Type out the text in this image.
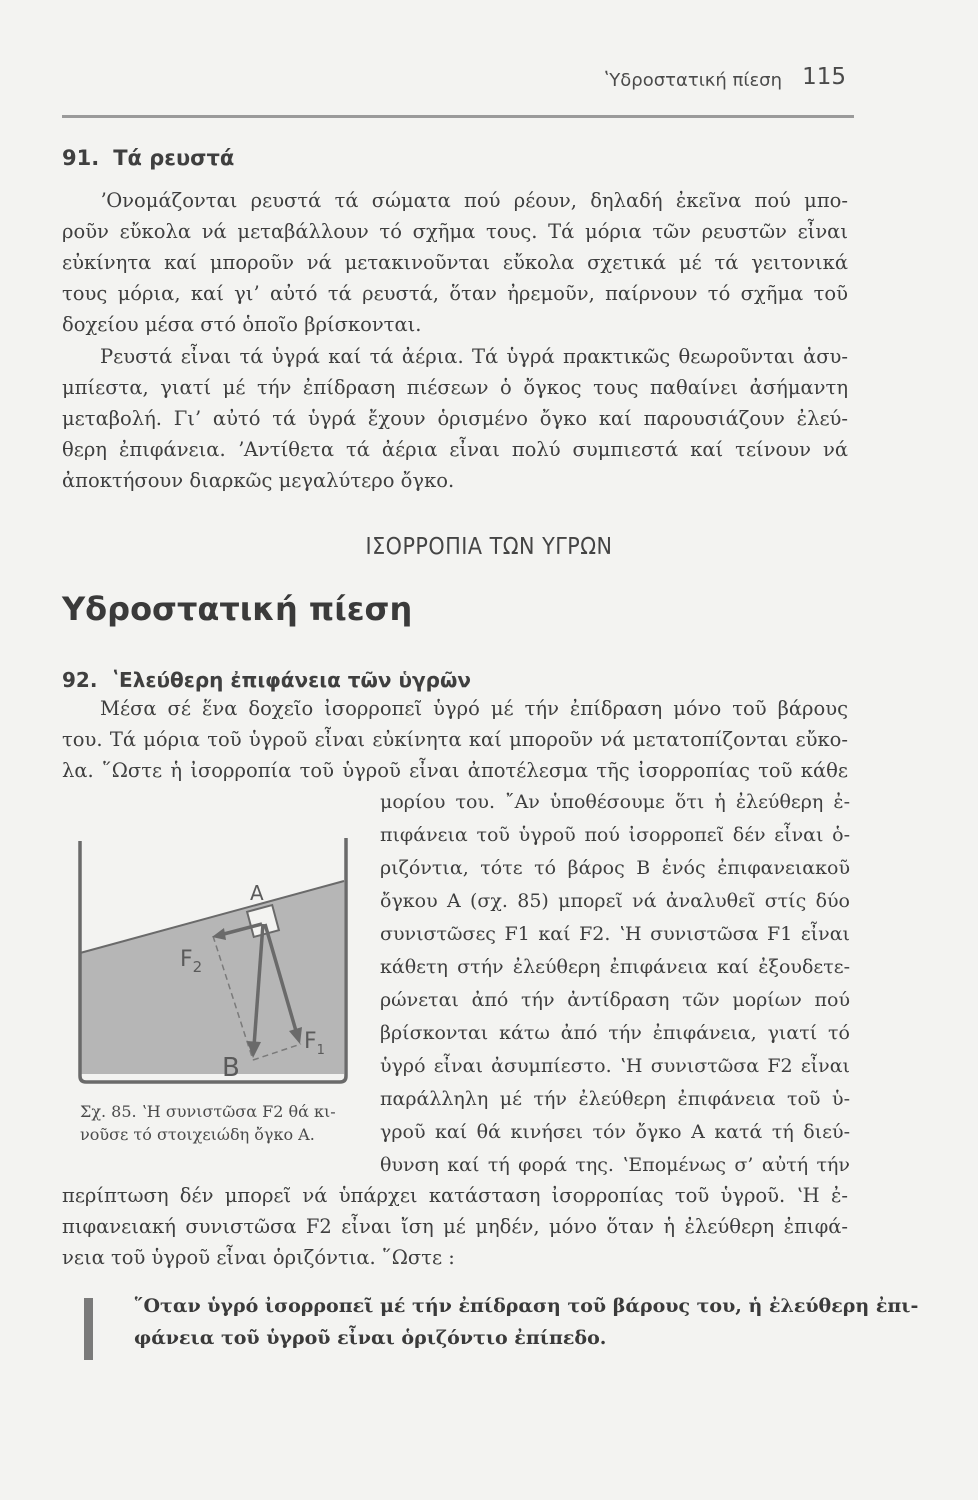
ʽΥδροστατική πίεση 115
91. Τά ρευστά
ʼΟνομάζονται ρευστά τά σώματα πού ρέουν, δηλαδή ἐκεῖνα πού μπο-
ροῦν εὔκολα νά μεταβάλλουν τό σχῆμα τους. Τά μόρια τῶν ρευστῶν εἶναι
εὐκίνητα καί μποροῦν νά μετακινοῦνται εὔκολα σχετικά μέ τά γειτονικά
τους μόρια, καί γι’ αὐτό τά ρευστά, ὅταν ἠρεμοῦν, παίρνουν τό σχῆμα τοῦ
δοχείου μέσα στό ὁποῖο βρίσκονται.
Ρευστά εἶναι τά ὑγρά καί τά ἀέρια. Τά ὑγρά πρακτικῶς θεωροῦνται ἀσυ-
μπίεστα, γιατί μέ τήν ἐπίδραση πιέσεων ὁ ὄγκος τους παθαίνει ἀσήμαντη
μεταβολή. Γι’ αὐτό τά ὑγρά ἔχουν ὁρισμένο ὄγκο καί παρουσιάζουν ἐλεύ-
θερη ἐπιφάνεια. ʼΑντίθετα τά ἀέρια εἶναι πολύ συμπιεστά καί τείνουν νά
ἀποκτήσουν διαρκῶς μεγαλύτερο ὄγκο.
ΙΣΟΡΡΟΠΙΑ ΤΩΝ ΥΓΡΩΝ
Υδροστατική πίεση
92. ʽΕλεύθερη ἐπιφάνεια τῶν ὑγρῶν
Μέσα σέ ἕνα δοχεῖο ἰσορροπεῖ ὑγρό μέ τήν ἐπίδραση μόνο τοῦ βάρους
του. Τά μόρια τοῦ ὑγροῦ εἶναι εὐκίνητα καί μποροῦν νά μετατοπίζονται εὔκο-
λα. ῞Ωστε ἡ ἰσορροπία τοῦ ὑγροῦ εἶναι ἀποτέλεσμα τῆς ἰσορροπίας τοῦ κάθε
μορίου του. ῎Αν ὑποθέσουμε ὅτι ἡ ἐλεύθερη ἐ-
πιφάνεια τοῦ ὑγροῦ πού ἰσορροπεῖ δέν εἶναι ὁ-
ριζόντια, τότε τό βάρος B ἑνός ἐπιφανειακοῦ
ὄγκου Α (σχ. 85) μπορεῖ νά ἀναλυθεῖ στίς δύο
συνιστῶσες F1 καί F2. ʽΗ συνιστῶσα F1 εἶναι
κάθετη στήν ἐλεύθερη ἐπιφάνεια καί ἐξουδετε-
ρώνεται ἀπό τήν ἀντίδραση τῶν μορίων πού
βρίσκονται κάτω ἀπό τήν ἐπιφάνεια, γιατί τό
ὑγρό εἶναι ἀσυμπίεστο. ʽΗ συνιστῶσα F2 εἶναι
παράλληλη μέ τήν ἐλεύθερη ἐπιφάνεια τοῦ ὑ-
γροῦ καί θά κινήσει τόν ὄγκο Α κατά τή διεύ-
θυνση καί τή φορά της. ʽΕπομένως σ’ αὐτή τήν
A
$F_2$
B
$F_1$
Σχ. 85. ʽΗ συνιστῶσα F2 θά κι-
νοῦσε τό στοιχειώδη ὄγκο Α.
περίπτωση δέν μπορεῖ νά ὑπάρχει κατάσταση ἰσορροπίας τοῦ ὑγροῦ. ʽΗ ἐ-
πιφανειακή συνιστῶσα F2 εἶναι ἴση μέ μηδέν, μόνο ὅταν ἡ ἐλεύθερη ἐπιφά-
νεια τοῦ ὑγροῦ εἶναι ὁριζόντια. ῞Ωστε :
῞Οταν ὑγρό ἰσορροπεῖ μέ τήν ἐπίδραση τοῦ βάρους του, ἡ ἐλεύθερη ἐπι-
φάνεια τοῦ ὑγροῦ εἶναι ὁριζόντιο ἐπίπεδο.
